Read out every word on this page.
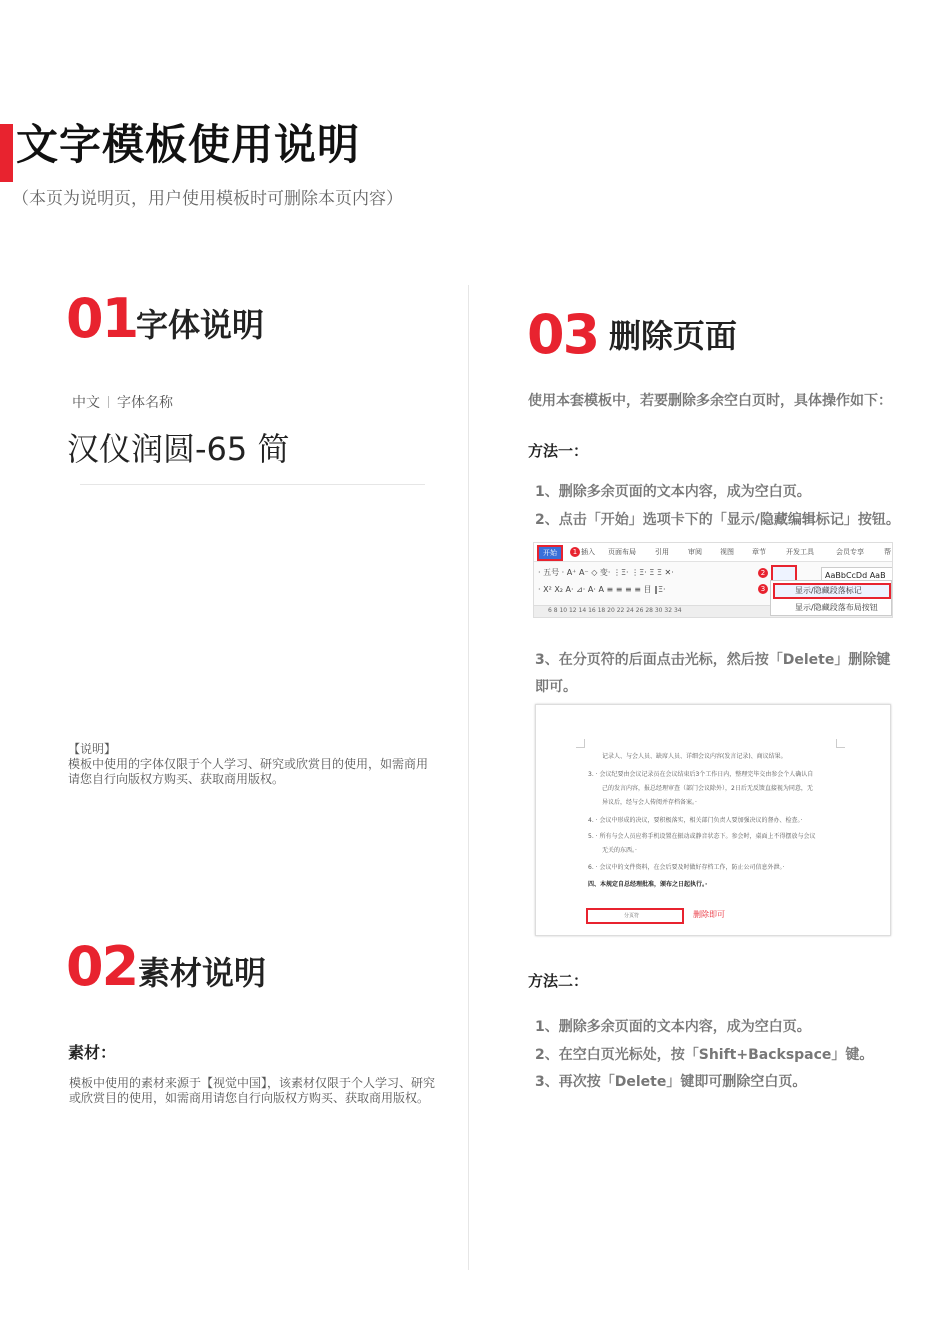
文字模板使用说明
（本页为说明页，用户使用模板时可删除本页内容）
01
字体说明
中文 字体名称
汉仪润圆-65 简
【说明】
模板中使用的字体仅限于个人学习、研究或欣赏目的使用，如需商用请您自行向版权方购买、获取商用版权。
02 素材说明
素材：
模板中使用的素材来源于【视觉中国】，该素材仅限于个人学习、研究或欣赏目的使用，如需商用请您自行向版权方购买、获取商用版权。
03 删除页面
使用本套模板中，若要删除多余空白页时，具体操作如下：
方法一：
1、删除多余页面的文本内容，成为空白页。
2、点击「开始」选项卡下的「显示/隐藏编辑标记」按钮。
开始	1 插入 页面布局	引用	审阅	视图	章节	开发工具	会员专享	帮
· 五号 · A⁺ A⁻ ◇ 变· ⋮Ξ· ⋮Ξ· Ξ Ξ ✕·
· X² X₂ A· ⊿· A· A ≡ ≡ ≡ ≡ 目 ‖Ξ·
2
3
AaBbCcDd AaB
6 8 10 12 14 16 18 20 22 24 26 28 30 32 34
显示/隐藏段落标记
显示/隐藏段落布局按钮
3、在分页符的后面点击光标，然后按「Delete」删除键
即可。
记录人、与会人员、缺席人员、详细会议内容(发言记录)、商议结果。
3. · 会议纪要由会议记录员在会议结束后3个工作日内，整理完毕交由参会个人确认自
己的发言内容，报总经理审查（部门会议除外），2日后无反馈直接视为同意，无
异议后，经与会人传阅并存档备案。·
4. · 会议中形成的决议，要积极落实，相关部门负责人要加强决议的督办、检查。·
5. · 所有与会人员应将手机设置在振动或静音状态下。参会时，桌面上不得摆放与会议
无关的东西。·
6. · 会议中的文件资料，在会后要及时做好存档工作，防止公司信息外泄。·
四、本规定自总经理批准，颁布之日起执行。·
分页符	删除即可
方法二：
1、删除多余页面的文本内容，成为空白页。
2、在空白页光标处，按「Shift+Backspace」键。
3、再次按「Delete」键即可删除空白页。
